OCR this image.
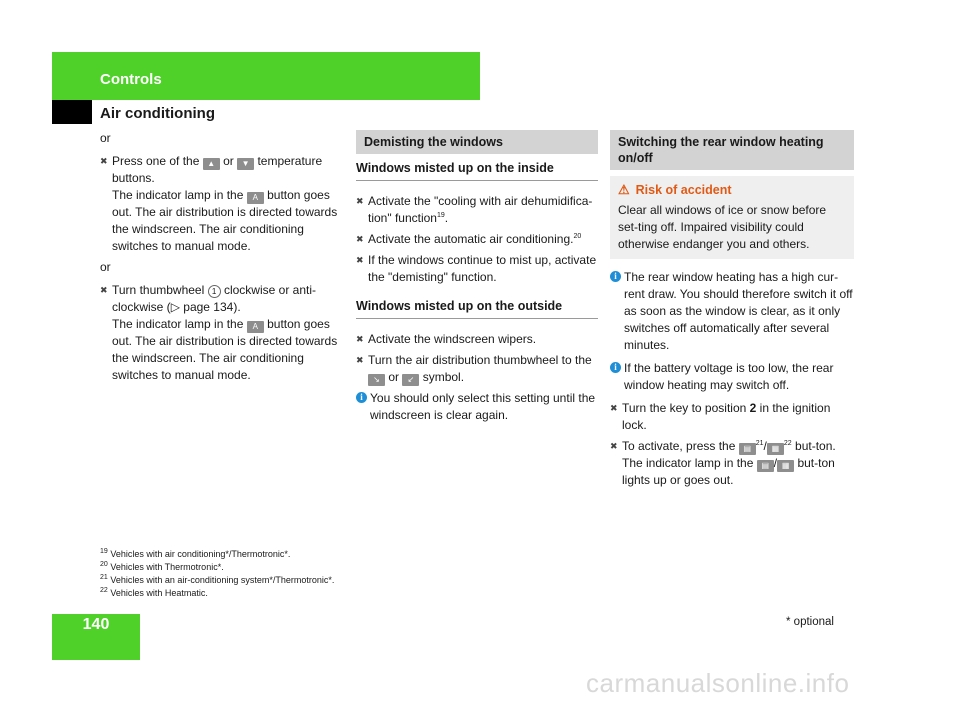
Controls
Air conditioning

or

✖ Press one of the ▲ or ▼ temperature buttons.
The indicator lamp in the A button goes out. The air distribution is directed towards the windscreen. The air conditioning switches to manual mode.

or

✖ Turn thumbwheel 1 clockwise or anti-clockwise (▷ page 134).
The indicator lamp in the A button goes out. The air distribution is directed towards the windscreen. The air conditioning switches to manual mode.
Demisting the windows
Windows misted up on the inside
✖ Activate the "cooling with air dehumidifica-tion" function$^{19}$.
✖ Activate the automatic air conditioning.$^{20}$
✖ If the windows continue to mist up, activate the "demisting" function.
Windows misted up on the outside
✖ Activate the windscreen wipers.
✖ Turn the air distribution thumbwheel to the
↘ or ↙ symbol.
i You should only select this setting until the windscreen is clear again.
Switching the rear window heating on/off
⚠ Risk of accident
Clear all windows of ice or snow before set-ting off. Impaired visibility could otherwise endanger you and others.
i The rear window heating has a high cur-rent draw. You should therefore switch it off as soon as the window is clear, as it only switches off automatically after several minutes.
i If the battery voltage is too low, the rear window heating may switch off.
✖ Turn the key to position 2 in the ignition lock.
✖ To activate, press the ▤$^{21}$/ ▦$^{22}$ but-ton.
The indicator lamp in the ▤ / ▦ but-ton lights up or goes out.
$^{19}$ Vehicles with air conditioning*/Thermotronic*.
$^{20}$ Vehicles with Thermotronic*.
$^{21}$ Vehicles with an air-conditioning system*/Thermotronic*.
$^{22}$ Vehicles with Heatmatic.
140	* optional
carmanualsonline.info
